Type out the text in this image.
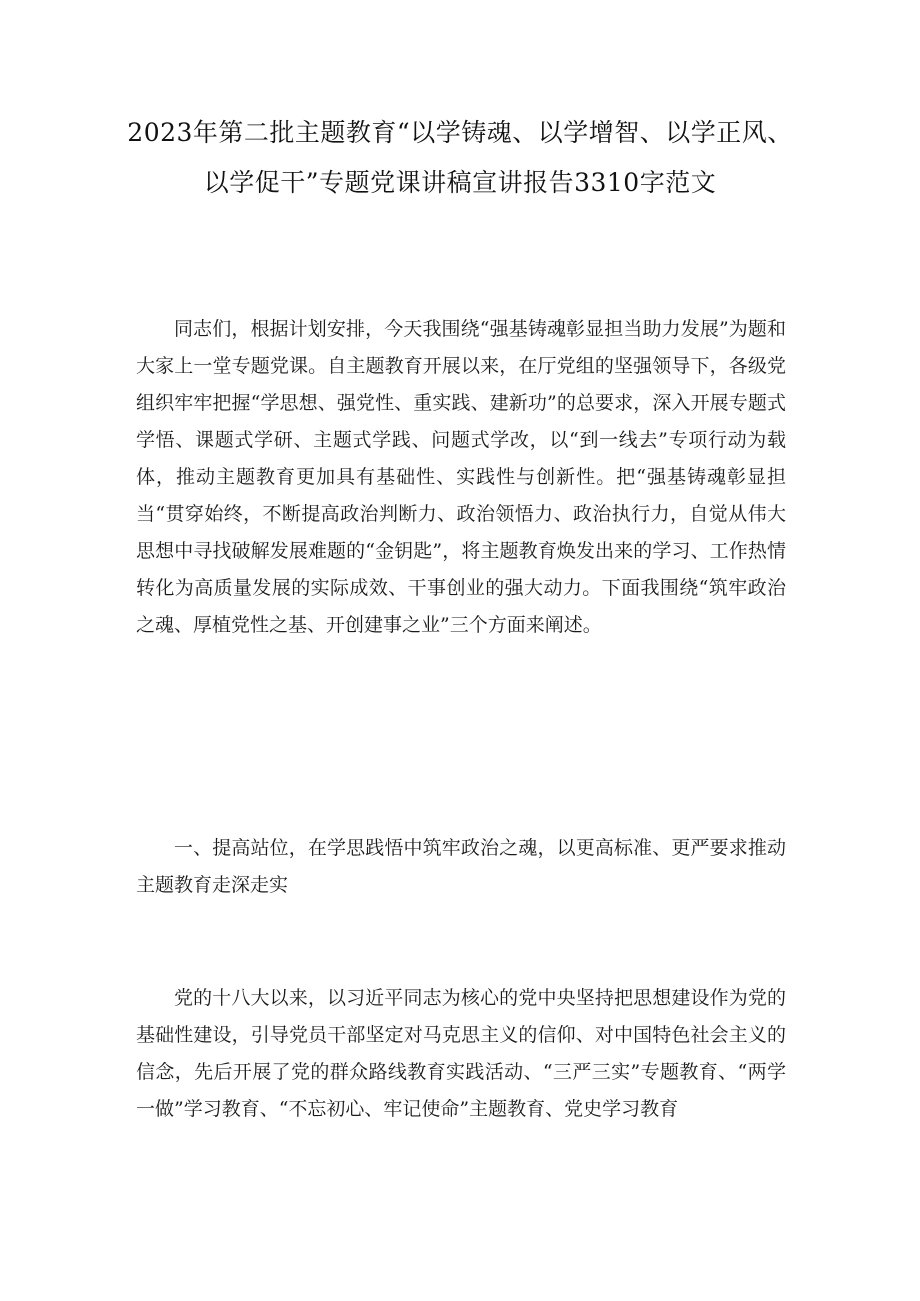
2023年第二批主题教育“以学铸魂、以学增智、以学正风、以学促干”专题党课讲稿宣讲报告3310字范文

同志们，根据计划安排，今天我围绕“强基铸魂彰显担当助力发展”为题和大家上一堂专题党课。自主题教育开展以来，在厅党组的坚强领导下，各级党组织牢牢把握“学思想、强党性、重实践、建新功”的总要求，深入开展专题式学悟、课题式学研、主题式学践、问题式学改，以“到一线去”专项行动为载体，推动主题教育更加具有基础性、实践性与创新性。把“强基铸魂彰显担当“贯穿始终，不断提高政治判断力、政治领悟力、政治执行力，自觉从伟大思想中寻找破解发展难题的“金钥匙”，将主题教育焕发出来的学习、工作热情转化为高质量发展的实际成效、干事创业的强大动力。下面我围绕“筑牢政治之魂、厚植党性之基、开创建事之业”三个方面来阐述。

一、提高站位，在学思践悟中筑牢政治之魂，以更高标准、更严要求推动主题教育走深走实

党的十八大以来，以习近平同志为核心的党中央坚持把思想建设作为党的基础性建设，引导党员干部坚定对马克思主义的信仰、对中国特色社会主义的信念，先后开展了党的群众路线教育实践活动、“三严三实”专题教育、“两学一做”学习教育、“不忘初心、牢记使命”主题教育、党史学习教育
